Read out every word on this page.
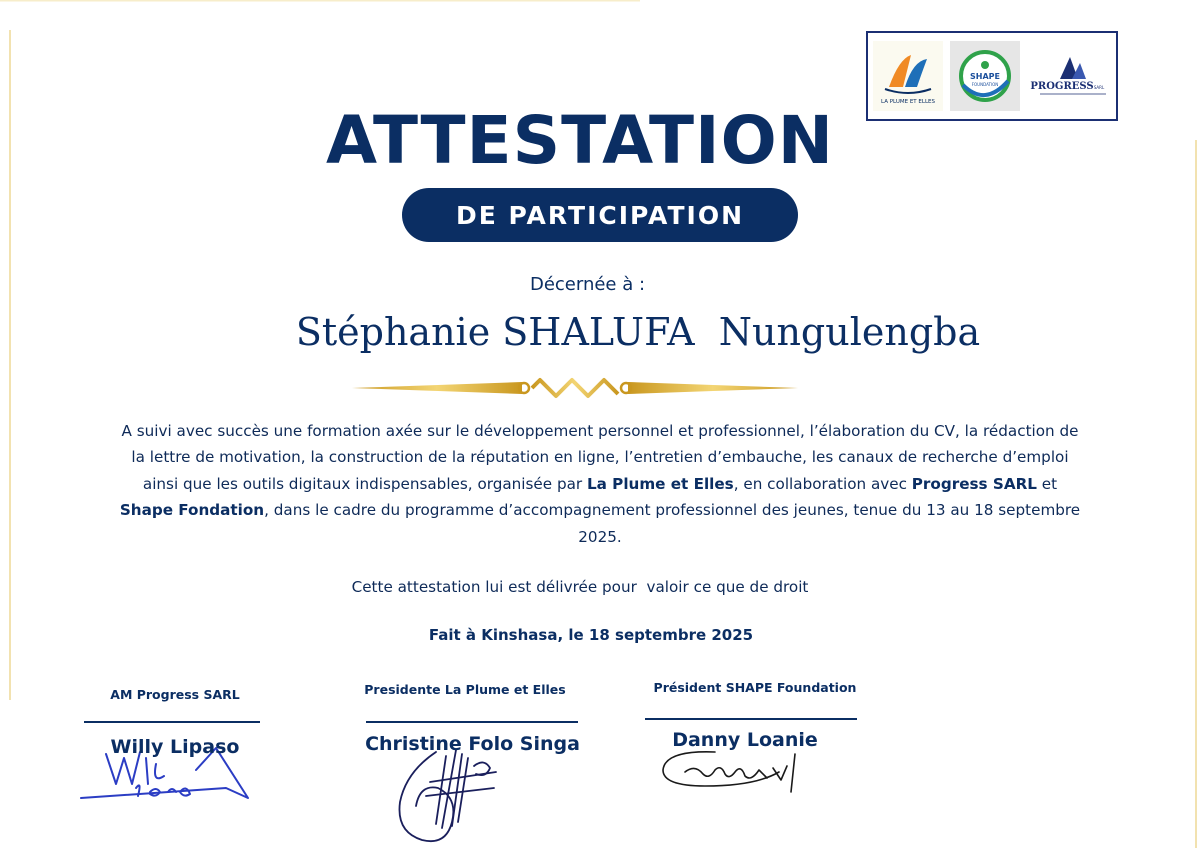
LA PLUME ET ELLES
SHAPE
FOUNDATION	PROGRESS SARL
ATTESTATION
DE PARTICIPATION
Décernée à :
Stéphanie SHALUFA  Nungulengba
A suivi avec succès une formation axée sur le développement personnel et professionnel, l’élaboration du CV, la rédaction de la lettre de motivation, la construction de la réputation en ligne, l’entretien d’embauche, les canaux de recherche d’emploi ainsi que les outils digitaux indispensables, organisée par La Plume et Elles, en collaboration avec Progress SARL et Shape Fondation, dans le cadre du programme d’accompagnement professionnel des jeunes, tenue du 13 au 18 septembre 2025.
Cette attestation lui est délivrée pour  valoir ce que de droit
Fait à Kinshasa, le 18 septembre 2025
AM Progress SARL
Willy Lipaso
Presidente La Plume et Elles
Christine Folo Singa
Président SHAPE Foundation
Danny Loanie
